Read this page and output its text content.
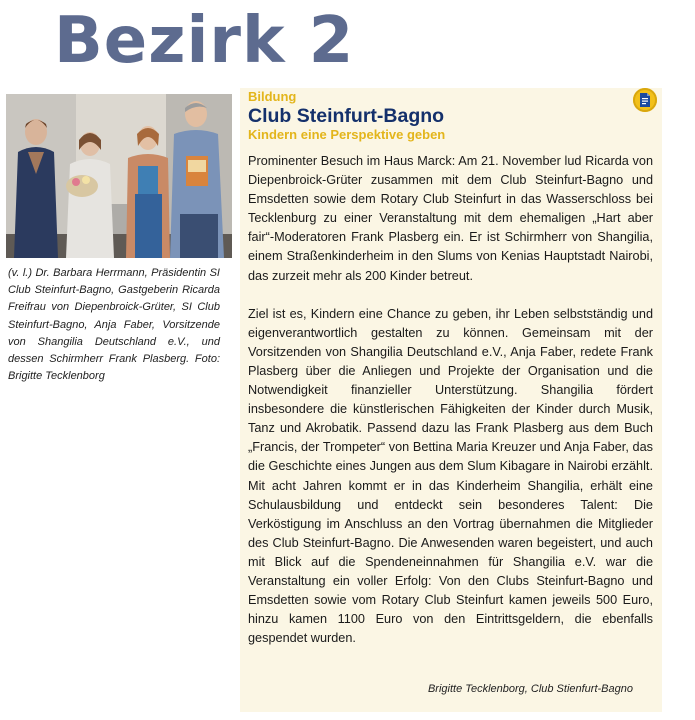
Bezirk 2
(v. l.) Dr. Barbara Herrmann, Präsidentin SI Club Steinfurt-Bagno, Gastgeberin Ricarda Freifrau von Diepenbroick-Grüter, SI Club Steinfurt-Bagno, Anja Faber, Vorsitzende von Shangilia Deutschland e.V., und dessen Schirmherr Frank Plasberg. Foto: Brigitte Tecklenborg
Bildung
Club Steinfurt-Bagno
Kindern eine Perspektive geben

Prominenter Besuch im Haus Marck: Am 21. November lud Ricarda von Diepenbroick-Grüter zusammen mit dem Club Steinfurt-Bagno und Emsdetten sowie dem Rotary Club Steinfurt in das Wasserschloss bei Tecklenburg zu einer Veranstaltung mit dem ehemaligen „Hart aber fair“-Moderatoren Frank Plasberg ein. Er ist Schirmherr von Shangilia, einem Straßenkinderheim in den Slums von Kenias Hauptstadt Nairobi, das zurzeit mehr als 200 Kinder betreut.

Ziel ist es, Kindern eine Chance zu geben, ihr Leben selbstständig und eigenverantwortlich gestalten zu können. Gemeinsam mit der Vorsitzenden von Shangilia Deutschland e.V., Anja Faber, redete Frank Plasberg über die Anliegen und Projekte der Organisation und die Notwendigkeit finanzieller Unterstützung. Shangilia fördert insbesondere die künstlerischen Fähigkeiten der Kinder durch Musik, Tanz und Akrobatik. Passend dazu las Frank Plasberg aus dem Buch „Francis, der Trompeter“ von Bettina Maria Kreuzer und Anja Faber, das die Geschichte eines Jungen aus dem Slum Kibagare in Nairobi erzählt. Mit acht Jahren kommt er in das Kinderheim Shangilia, erhält eine Schulausbildung und entdeckt sein besonderes Talent: Die Verköstigung im Anschluss an den Vortrag übernahmen die Mitglieder des Club Steinfurt-Bagno. Die Anwesenden waren begeistert, und auch mit Blick auf die Spendeneinnahmen für Shangilia e.V. war die Veranstaltung ein voller Erfolg: Von den Clubs Steinfurt-Bagno und Emsdetten sowie vom Rotary Club Steinfurt kamen jeweils 500 Euro, hinzu kamen 1100 Euro von den Eintrittsgeldern, die ebenfalls gespendet wurden.

Brigitte Tecklenborg, Club Stienfurt-Bagno
